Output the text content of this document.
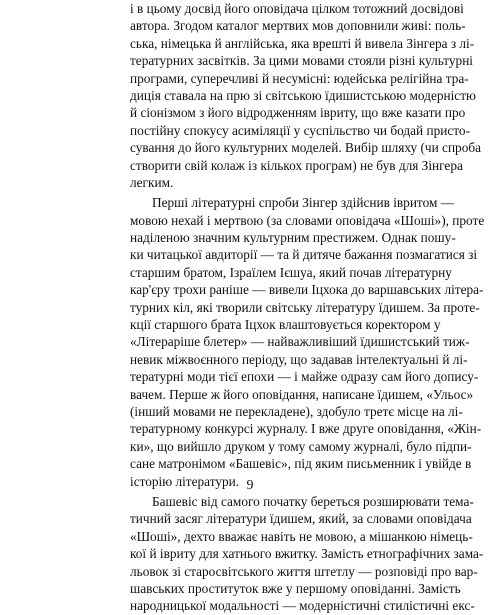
і в цьому досвід його оповідача цілком тотожний досвідові
автора. Згодом каталог мертвих мов доповнили живі: поль-
ська, німецька й англійська, яка врешті й вивела Зінгера з лі-
тературних засвітків. За цими мовами стояли різні культурні
програми, суперечливі й несумісні: юдейська релігійна тра-
диція ставала на прю зі світською їдишистською модерністю
й сіонізмом з його відродженням івриту, що вже казати про
постійну спокусу асиміляції у суспільство чи бодай присто-
сування до його культурних моделей. Вибір шляху (чи спроба
створити свій колаж із кількох програм) не був для Зінгера
легким.
Перші літературні спроби Зінгер здійснив івритом —
мовою нехай і мертвою (за словами оповідача «Шоші»), проте
наділеною значним культурним престижем. Однак пошу-
ки читацької авдиторії — та й дитяче бажання позмагатися зі
старшим братом, Ізраїлем Ієшуа, який почав літературну
кар'єру трохи раніше — вивели Іцхока до варшавських літера-
турних кіл, які творили світську літературу їдишем. За проте-
кції старшого брата Іцхок влаштовується коректором у
«Літерарішe блетер» — найважливіший їдишистський тиж-
невик міжвоєнного періоду, що задавав інтелектуальні й лі-
тературні моди тієї епохи — і майже одразу сам його допису-
вачем. Перше ж його оповідання, написане їдишем, «Ульос»
(інший мовами не перекладене), здобуло третє місце на лі-
тературному конкурсі журналу. І вже друге оповідання, «Жін-
ки», що вийшло друком у тому самому журналі, було підпи-
сане матронімом «Башевіс», під яким письменник і увійде в
історію літератури.
Башевіс від самого початку береться розширювати тема-
тичний засяг літератури їдишем, який, за словами оповідача
«Шоші», дехто вважає навіть не мовою, а мішанкою німець-
кої й івриту для хатнього вжитку. Замість етнографічних зама-
льовок зі старосвітського життя штетлу — розповіді про вар-
шавських проституток вже у першому оповіданні. Замість
народницької модальності — модерністичні стилістичні екс-
9
